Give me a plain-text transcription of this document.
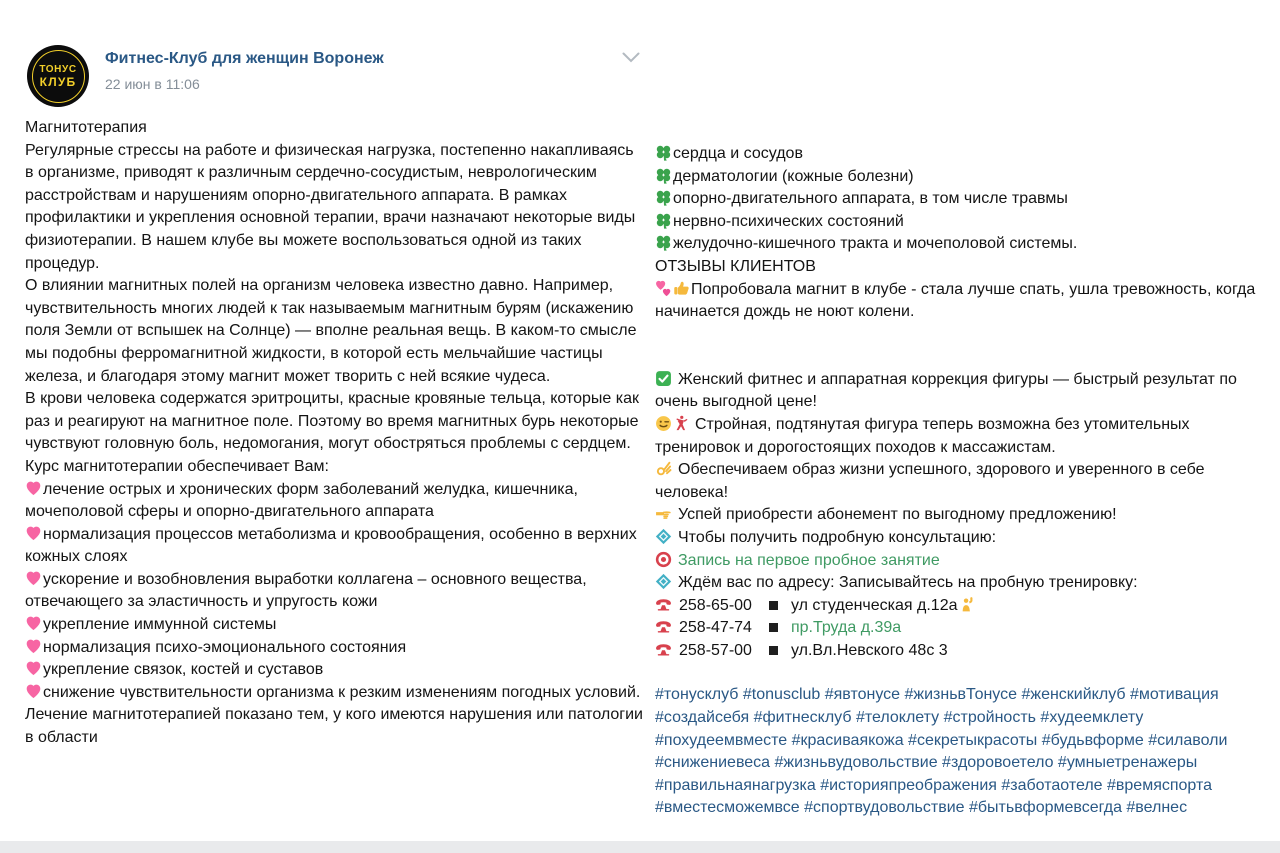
ТОНУС
КЛУБ
Фитнес-Клуб для женщин Воронеж
22 июн в 11:06
Магнитотерапия
Регулярные стрессы на работе и физическая нагрузка, постепенно накапливаясь в организме, приводят к различным сердечно-сосудистым, неврологическим расстройствам и нарушениям опорно-двигательного аппарата. В рамках профилактики и укрепления основной терапии, врачи назначают некоторые виды физиотерапии. В нашем клубе вы можете воспользоваться одной из таких процедур.
О влиянии магнитных полей на организм человека известно давно. Например, чувствительность многих людей к так называемым магнитным бурям (искажению поля Земли от вспышек на Солнце) — вполне реальная вещь. В каком-то смысле мы подобны ферромагнитной жидкости, в которой есть мельчайшие частицы железа, и благодаря этому магнит может творить с ней всякие чудеса.
В крови человека содержатся эритроциты, красные кровяные тельца, которые как раз и реагируют на магнитное поле. Поэтому во время магнитных бурь некоторые чувствуют головную боль, недомогания, могут обостряться проблемы с сердцем.
Курс магнитотерапии обеспечивает Вам:
лечение острых и хронических форм заболеваний желудка, кишечника, мочеполовой сферы и опорно-двигательного аппарата
нормализация процессов метаболизма и кровообращения, особенно в верхних кожных слоях
ускорение и возобновления выработки коллагена – основного вещества, отвечающего за эластичность и упругость кожи
укрепление иммунной системы
нормализация психо-эмоционального состояния
укрепление связок, костей и суставов
снижение чувствительности организма к резким изменениям погодных условий.
Лечение магнитотерапией показано тем, у кого имеются нарушения или патологии в области
сердца и сосудов
дерматологии (кожные болезни)
опорно-двигательного аппарата, в том числе травмы
нервно-психических состояний
желудочно-кишечного тракта и мочеполовой системы.
ОТЗЫВЫ КЛИЕНТОВ
Попробовала магнит в клубе - стала лучше спать, ушла тревожность, когда начинается дождь не ноют колени.
Женский фитнес и аппаратная коррекция фигуры — быстрый результат по очень выгодной цене!
Стройная, подтянутая фигура теперь возможна без утомительных тренировок и дорогостоящих походов к массажистам.
Обеспечиваем образ жизни успешного, здорового и уверенного в себе человека!
Успей приобрести абонемент по выгодному предложению!
Чтобы получить подробную консультацию:
Запись на первое пробное занятие
Ждём вас по адресу: Записывайтесь на пробную тренировку:
258-65-00 ул студенческая д.12а
258-47-74 пр.Труда д.39а
258-57-00 ул.Вл.Невского 48с 3
#тонусклуб #tonusclub #явтонусе #жизньвТонусе #женскийклуб #мотивация #создайсебя #фитнесклуб #телоклету #стройность #худеемклету #похудеемвместе #красиваякожа #секретыкрасоты #будьвформе #силаволи #снижениевеса #жизньвудовольствие #здоровоетело #умныетренажеры #правильнаянагрузка #историяпреображения #заботаотеле #времяспорта #вместесможемвсе #спортвудовольствие #бытьвформевсегда #велнес
